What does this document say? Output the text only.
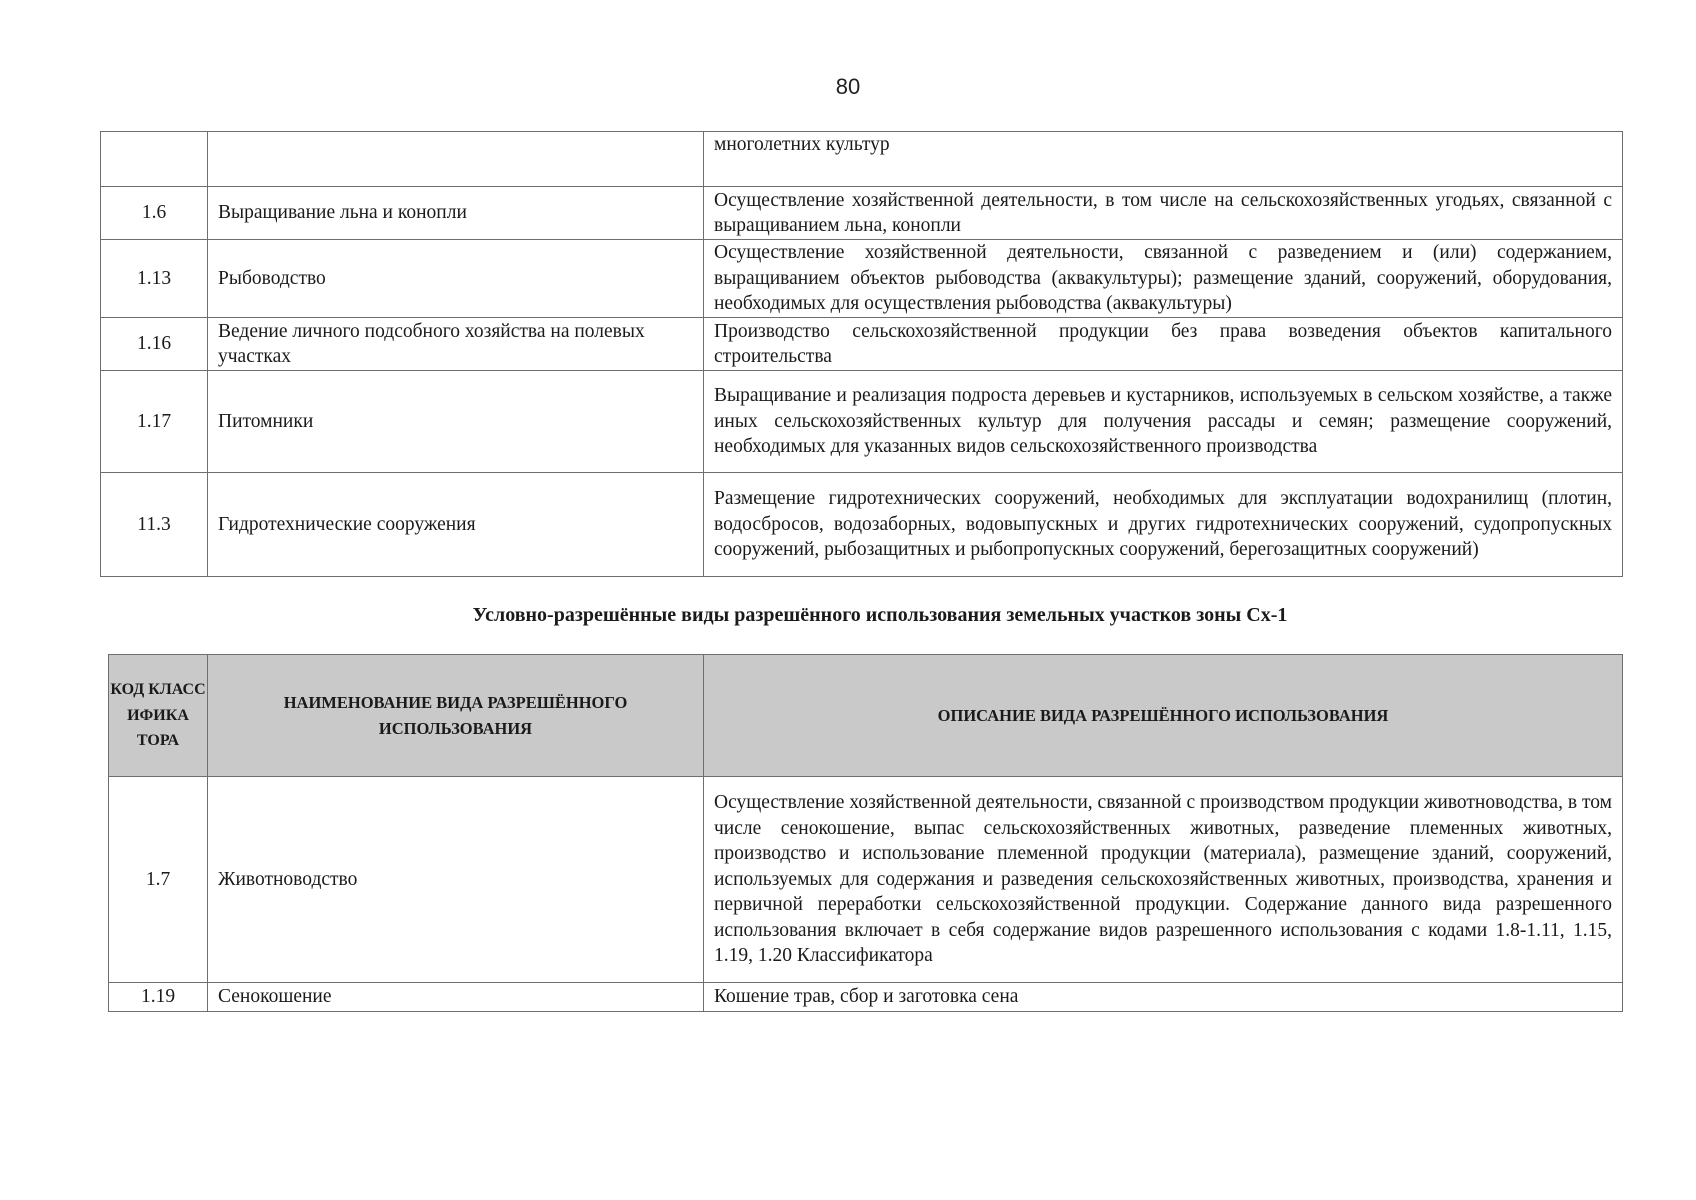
80
		многолетних культур
1.6	Выращивание льна и конопли	Осуществление хозяйственной деятельности, в том числе на сельскохозяйственных угодьях, связанной с выращиванием льна, конопли
1.13	Рыбоводство	Осуществление хозяйственной деятельности, связанной с разведением и (или) содержанием, выращиванием объектов рыбоводства (аквакультуры); размещение зданий, сооружений, оборудования, необходимых для осуществления рыбоводства (аквакультуры)
1.16	Ведение личного подсобного хозяйства на полевых участках	Производство сельскохозяйственной продукции без права возведения объектов капитального строительства
1.17	Питомники	Выращивание и реализация подроста деревьев и кустарников, используемых в сельском хозяйстве, а также иных сельскохозяйственных культур для получения рассады и семян; размещение сооружений, необходимых для указанных видов сельскохозяйственного производства
11.3	Гидротехнические сооружения	Размещение гидротехнических сооружений, необходимых для эксплуатации водохранилищ (плотин, водосбросов, водозаборных, водовыпускных и других гидротехнических сооружений, судопропускных сооружений, рыбозащитных и рыбопропускных сооружений, берегозащитных сооружений)
Условно-разрешённые виды разрешённого использования земельных участков зоны Сх-1
КОД КЛАСС ИФИКА ТОРА	НАИМЕНОВАНИЕ ВИДА РАЗРЕШЁННОГО ИСПОЛЬЗОВАНИЯ	ОПИСАНИЕ ВИДА РАЗРЕШЁННОГО ИСПОЛЬЗОВАНИЯ
1.7	Животноводство	Осуществление хозяйственной деятельности, связанной с производством продукции животноводства, в том числе сенокошение, выпас сельскохозяйственных животных, разведение племенных животных, производство и использование племенной продукции (материала), размещение зданий, сооружений, используемых для содержания и разведения сельскохозяйственных животных, производства, хранения и первичной переработки сельскохозяйственной продукции. Содержание данного вида разрешенного использования включает в себя содержание видов разрешенного использования с кодами 1.8-1.11, 1.15, 1.19, 1.20 Классификатора
1.19	Сенокошение	Кошение трав, сбор и заготовка сена
